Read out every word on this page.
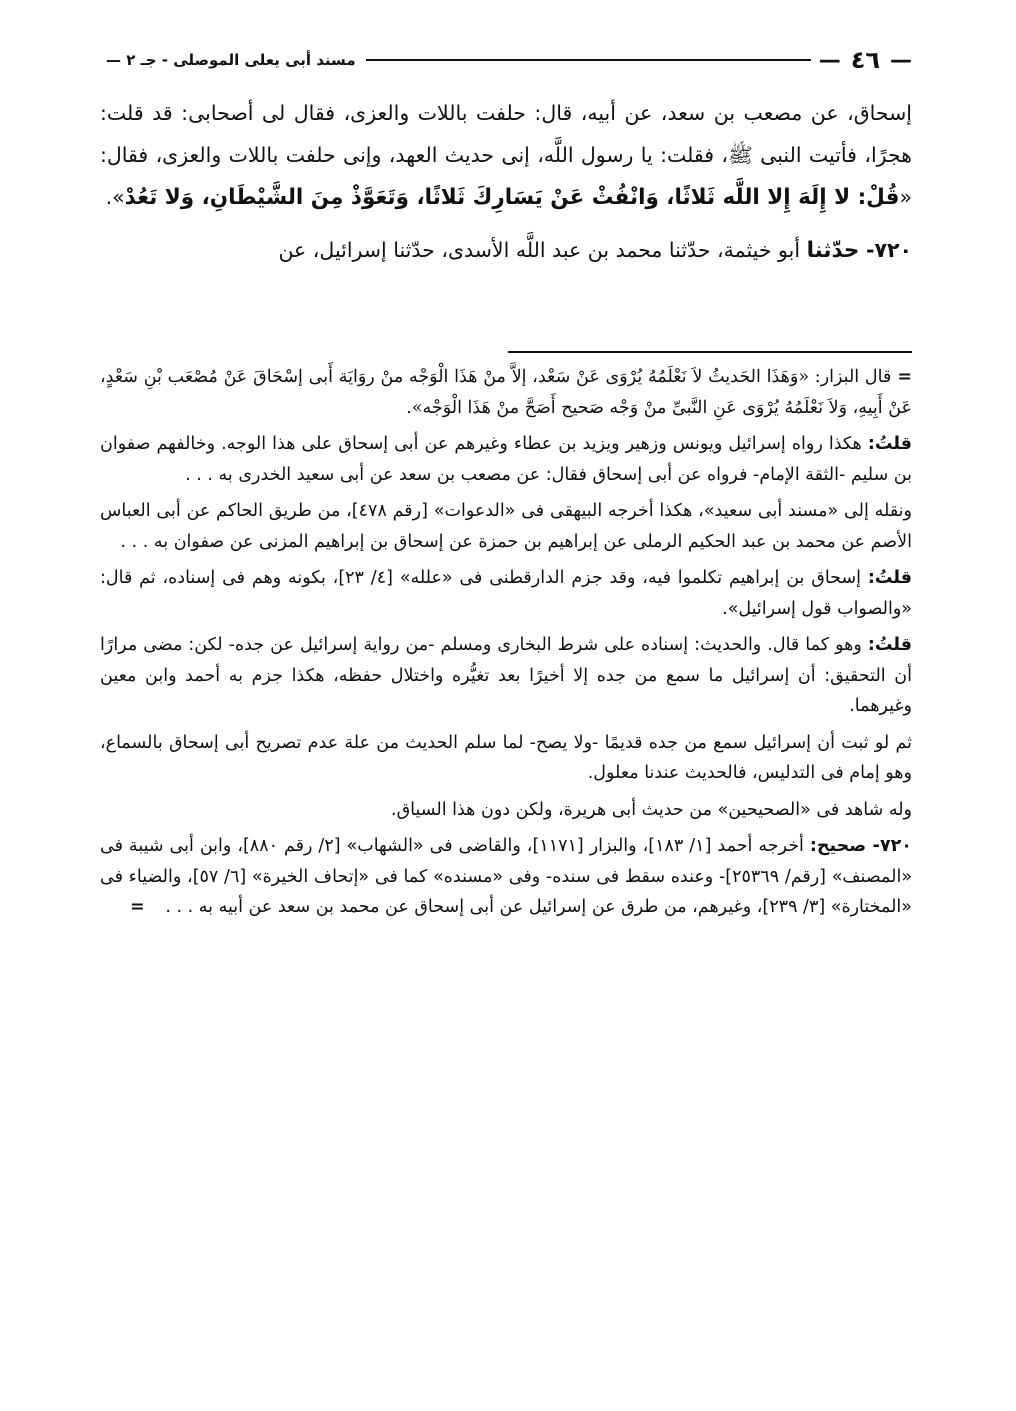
—
٤٦
—
مسند أبى يعلى الموصلى - جـ ٢ —

إسحاق، عن مصعب بن سعد، عن أبيه، قال: حلفت باللات والعزى، فقال لى أصحابى: قد قلت: هجرًا، فأتيت النبى ﷺ، فقلت: يا رسول اللَّه، إنى حديث العهد، وإنى حلفت باللات والعزى، فقال: «قُلْ: لا إِلَهَ إِلا اللَّه ثَلاثًا، وَانْفُثْ عَنْ يَسَارِكَ ثَلاثًا، وَتَعَوَّذْ مِنَ الشَّيْطَانِ، وَلا تَعُدْ».

٧٢٠- حدّثنا أبو خيثمة، حدّثنا محمد بن عبد اللَّه الأسدى، حدّثنا إسرائيل، عن

=قال البزار: «وَهَذَا الحَديثُ لاَ نَعْلَمُهُ يُرْوَى عَنْ سَعْد، إلاَّ منْ هَذَا الْوَجْه منْ روَايَة أَبى إسْحَاقَ عَنْ مُصْعَب بْنِ سَعْدٍ، عَنْ أَبِيهِ، وَلاَ نَعْلَمُهُ يُرْوَى عَنِ النَّبىِّ منْ وَجْه صَحيح أَصَحَّ منْ هَذَا الْوَجْه».

قلتُ: هكذا رواه إسرائيل ويونس وزهير ويزيد بن عطاء وغيرهم عن أبى إسحاق على هذا الوجه. وخالفهم صفوان بن سليم -الثقة الإمام- فرواه عن أبى إسحاق فقال: عن مصعب بن سعد عن أبى سعيد الخدرى به . . .

ونقله إلى «مسند أبى سعيد»، هكذا أخرجه البيهقى فى «الدعوات» [رقم ٤٧٨]، من طريق الحاكم عن أبى العباس الأصم عن محمد بن عبد الحكيم الرملى عن إبراهيم بن حمزة عن إسحاق بن إبراهيم المزنى عن صفوان به . . .

قلتُ: إسحاق بن إبراهيم تكلموا فيه، وقد جزم الدارقطنى فى «علله» [٤/ ٢٣]، بكونه وهم فى إسناده، ثم قال: «والصواب قول إسرائيل».

قلتُ: وهو كما قال. والحديث: إسناده على شرط البخارى ومسلم -من رواية إسرائيل عن جده- لكن: مضى مرارًا أن التحقيق: أن إسرائيل ما سمع من جده إلا أخيرًا بعد تغيُّره واختلال حفظه، هكذا جزم به أحمد وابن معين وغيرهما.

ثم لو ثبت أن إسرائيل سمع من جده قديمًا -ولا يصح- لما سلم الحديث من علة عدم تصريح أبى إسحاق بالسماع، وهو إمام فى التدليس، فالحديث عندنا معلول.

وله شاهد فى «الصحيحين» من حديث أبى هريرة، ولكن دون هذا السياق.

٧٢٠- صحيح: أخرجه أحمد [١/ ١٨٣]، والبزار [١١٧١]، والقاضى فى «الشهاب» [٢/ رقم ٨٨٠]، وابن أبى شيبة فى «المصنف» [رقم/ ٢٥٣٦٩]- وعنده سقط فى سنده- وفى «مسنده» كما فى «إتحاف الخيرة» [٦/ ٥٧]، والضياء فى «المختارة» [٣/ ٢٣٩]، وغيرهم، من طرق عن إسرائيل عن أبى إسحاق عن محمد بن سعد عن أبيه به . . .
=
